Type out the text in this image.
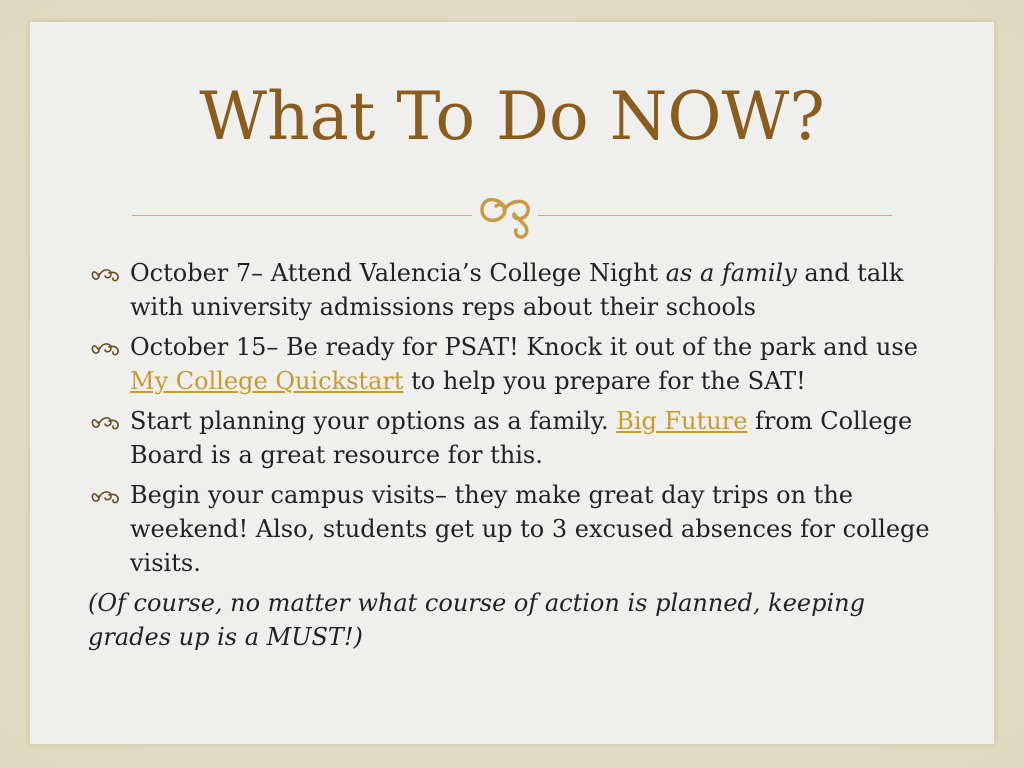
What To Do NOW?
October 7– Attend Valencia’s College Night as a family and talk with university admissions reps about their schools
October 15– Be ready for PSAT! Knock it out of the park and use My College Quickstart to help you prepare for the SAT!
Start planning your options as a family. Big Future from College Board is a great resource for this.
Begin your campus visits– they make great day trips on the weekend! Also, students get up to 3 excused absences for college visits.
(Of course, no matter what course of action is planned, keeping grades up is a MUST!)
